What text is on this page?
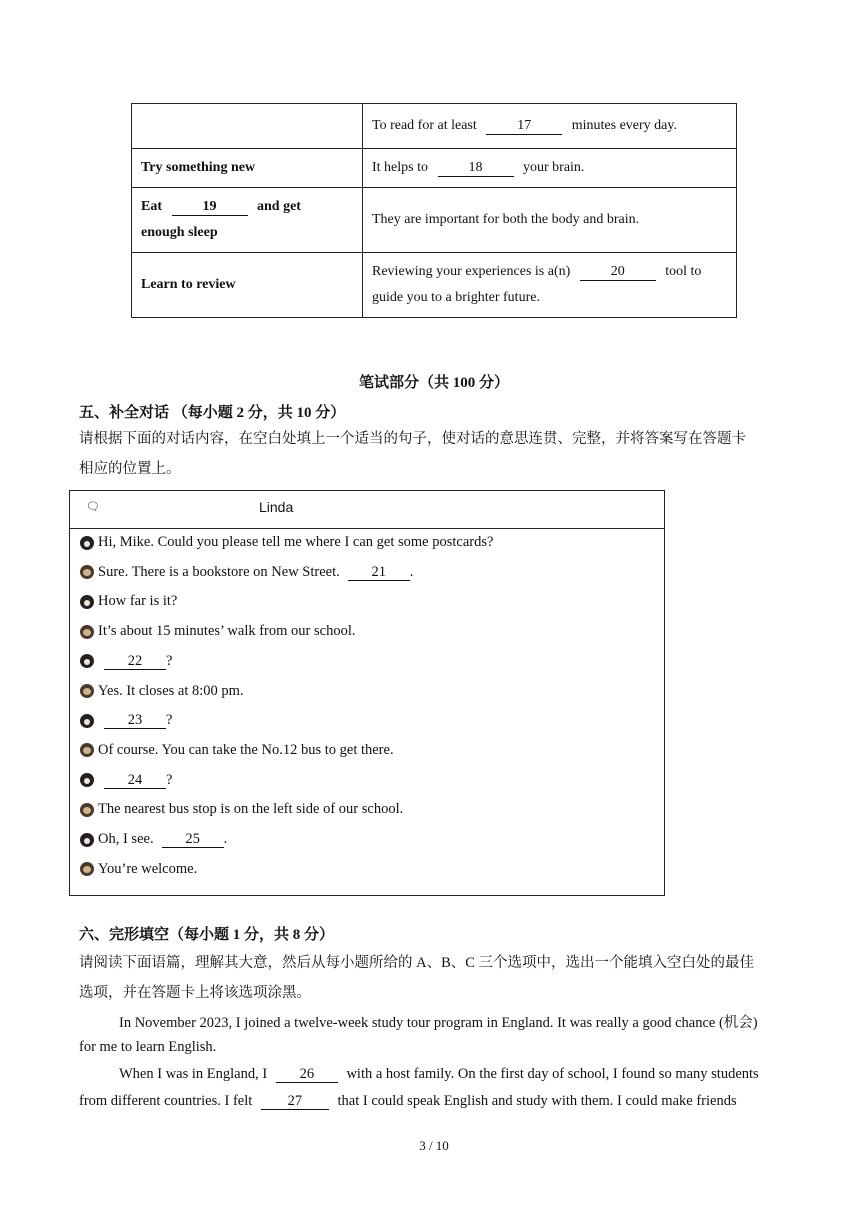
	To read for at least 17 minutes every day.
Try something new	It helps to 18 your brain.
Eat 19 and get
enough sleep	They are important for both the body and brain.
Learn to review	Reviewing your experiences is a(n) 20 tool to
guide you to a brighter future.
笔试部分（共 100 分）
五、补全对话 （每小题 2 分，共 10 分）
请根据下面的对话内容，在空白处填上一个适当的句子，使对话的意思连贯、完整，并将答案写在答题卡
相应的位置上。
🗨	Linda
Hi, Mike. Could you please tell me where I can get some postcards?
Sure. There is a bookstore on New Street.	21	.
How far is it?
It’s about 15 minutes’ walk from our school.
22	?
Yes. It closes at 8:00 pm.
23	?
Of course. You can take the No.12 bus to get there.
24	?
The nearest bus stop is on the left side of our school.
Oh, I see.	25	.
You’re welcome.
六、完形填空（每小题 1 分，共 8 分）
请阅读下面语篇，理解其大意，然后从每小题所给的 A、B、C 三个选项中，选出一个能填入空白处的最佳
选项，并在答题卡上将该选项涂黑。
In November 2023, I joined a twelve-week study tour program in England. It was really a good chance (机会)
for me to learn English.
When I was in England, I 26 with a host family. On the first day of school, I found so many students
from different countries. I felt 27 that I could speak English and study with them. I could make friends
3 / 10
